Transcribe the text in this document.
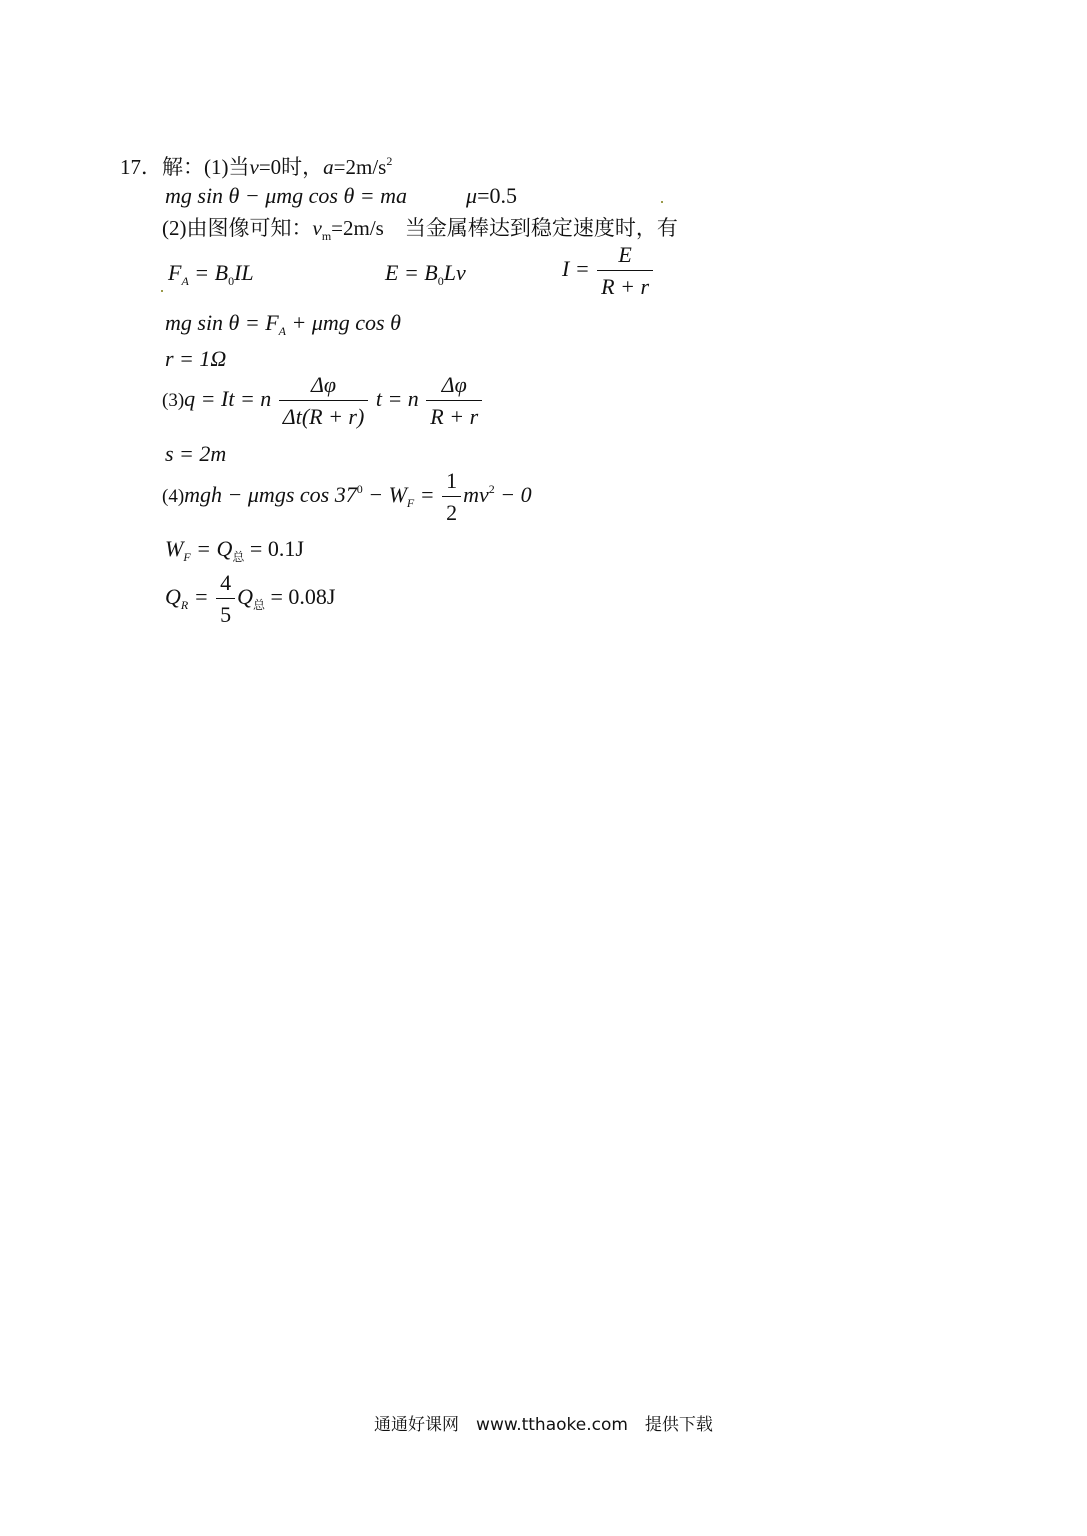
17．解：(1)当v=0时，$a=2m/s^2$
mg sin θ − μmg cos θ = ma	μ=0.5
(2)由图像可知：$v_m=2m/s$　当金属棒达到稳定速度时，有
$F_A = B_0IL$	$E = B_0Lv$	$I = \frac{E}{R + r}$
mg $\sin \theta = F_A + \mu mg$ cos θ
r = 1Ω
(3)q = It = n $\frac{\Delta\varphi}{\Delta t(R + r)}$ t = n $\frac{\Delta\varphi}{R + r}$
s = 2m
(4)mgh − μmgs $\cos 37^0 - W_F = \frac{1}{2} mv^2 - 0$
$W_F = Q_总 = 0.1J$
$Q_R = \frac{4}{5} Q_总 = 0.08J$
通通好课网　www.tthaoke.com　提供下载
